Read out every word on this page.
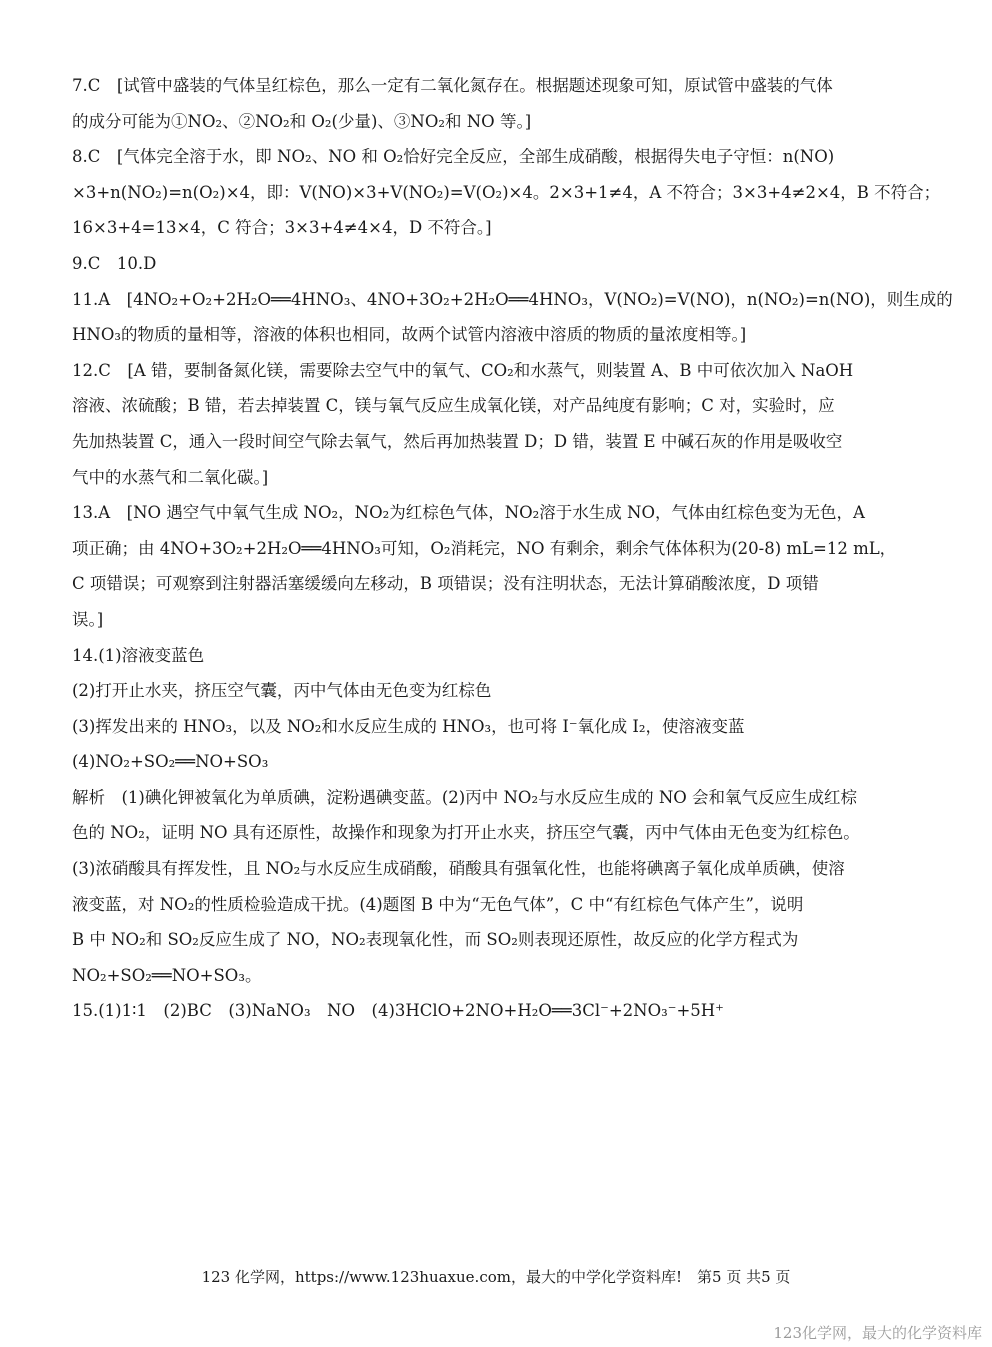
7.C　[试管中盛装的气体呈红棕色，那么一定有二氧化氮存在。根据题述现象可知，原试管中盛装的气体
的成分可能为①NO₂、②NO₂和 O₂(少量)、③NO₂和 NO 等。]
8.C　[气体完全溶于水，即 NO₂、NO 和 O₂恰好完全反应，全部生成硝酸，根据得失电子守恒：n(NO)
×3+n(NO₂)=n(O₂)×4，即：V(NO)×3+V(NO₂)=V(O₂)×4。2×3+1≠4，A 不符合；3×3+4≠2×4，B 不符合；
16×3+4=13×4，C 符合；3×3+4≠4×4，D 不符合。]
9.C　10.D
11.A　[4NO₂+O₂+2H₂O══4HNO₃、4NO+3O₂+2H₂O══4HNO₃，V(NO₂)=V(NO)，n(NO₂)=n(NO)，则生成的
HNO₃的物质的量相等，溶液的体积也相同，故两个试管内溶液中溶质的物质的量浓度相等。]
12.C　[A 错，要制备氮化镁，需要除去空气中的氧气、CO₂和水蒸气，则装置 A、B 中可依次加入 NaOH
溶液、浓硫酸；B 错，若去掉装置 C，镁与氧气反应生成氧化镁，对产品纯度有影响；C 对，实验时，应
先加热装置 C，通入一段时间空气除去氧气，然后再加热装置 D；D 错，装置 E 中碱石灰的作用是吸收空
气中的水蒸气和二氧化碳。]
13.A　[NO 遇空气中氧气生成 NO₂，NO₂为红棕色气体，NO₂溶于水生成 NO，气体由红棕色变为无色，A
项正确；由 4NO+3O₂+2H₂O══4HNO₃可知，O₂消耗完，NO 有剩余，剩余气体体积为(20-8) mL=12 mL，
C 项错误；可观察到注射器活塞缓缓向左移动，B 项错误；没有注明状态，无法计算硝酸浓度，D 项错
误。]
14.(1)溶液变蓝色
(2)打开止水夹，挤压空气囊，丙中气体由无色变为红棕色
(3)挥发出来的 HNO₃，以及 NO₂和水反应生成的 HNO₃，也可将 I⁻氧化成 I₂，使溶液变蓝
(4)NO₂+SO₂══NO+SO₃
解析　(1)碘化钾被氧化为单质碘，淀粉遇碘变蓝。(2)丙中 NO₂与水反应生成的 NO 会和氧气反应生成红棕
色的 NO₂，证明 NO 具有还原性，故操作和现象为打开止水夹，挤压空气囊，丙中气体由无色变为红棕色。
(3)浓硝酸具有挥发性，且 NO₂与水反应生成硝酸，硝酸具有强氧化性，也能将碘离子氧化成单质碘，使溶
液变蓝，对 NO₂的性质检验造成干扰。(4)题图 B 中为“无色气体”，C 中“有红棕色气体产生”，说明
B 中 NO₂和 SO₂反应生成了 NO，NO₂表现氧化性，而 SO₂则表现还原性，故反应的化学方程式为
NO₂+SO₂══NO+SO₃。
15.(1)1∶1　(2)BC　(3)NaNO₃　NO　(4)3HClO+2NO+H₂O══3Cl⁻+2NO₃⁻+5H⁺
123 化学网，https://www.123huaxue.com，最大的中学化学资料库!　第5 页 共5 页
123化学网，最大的化学资料库
